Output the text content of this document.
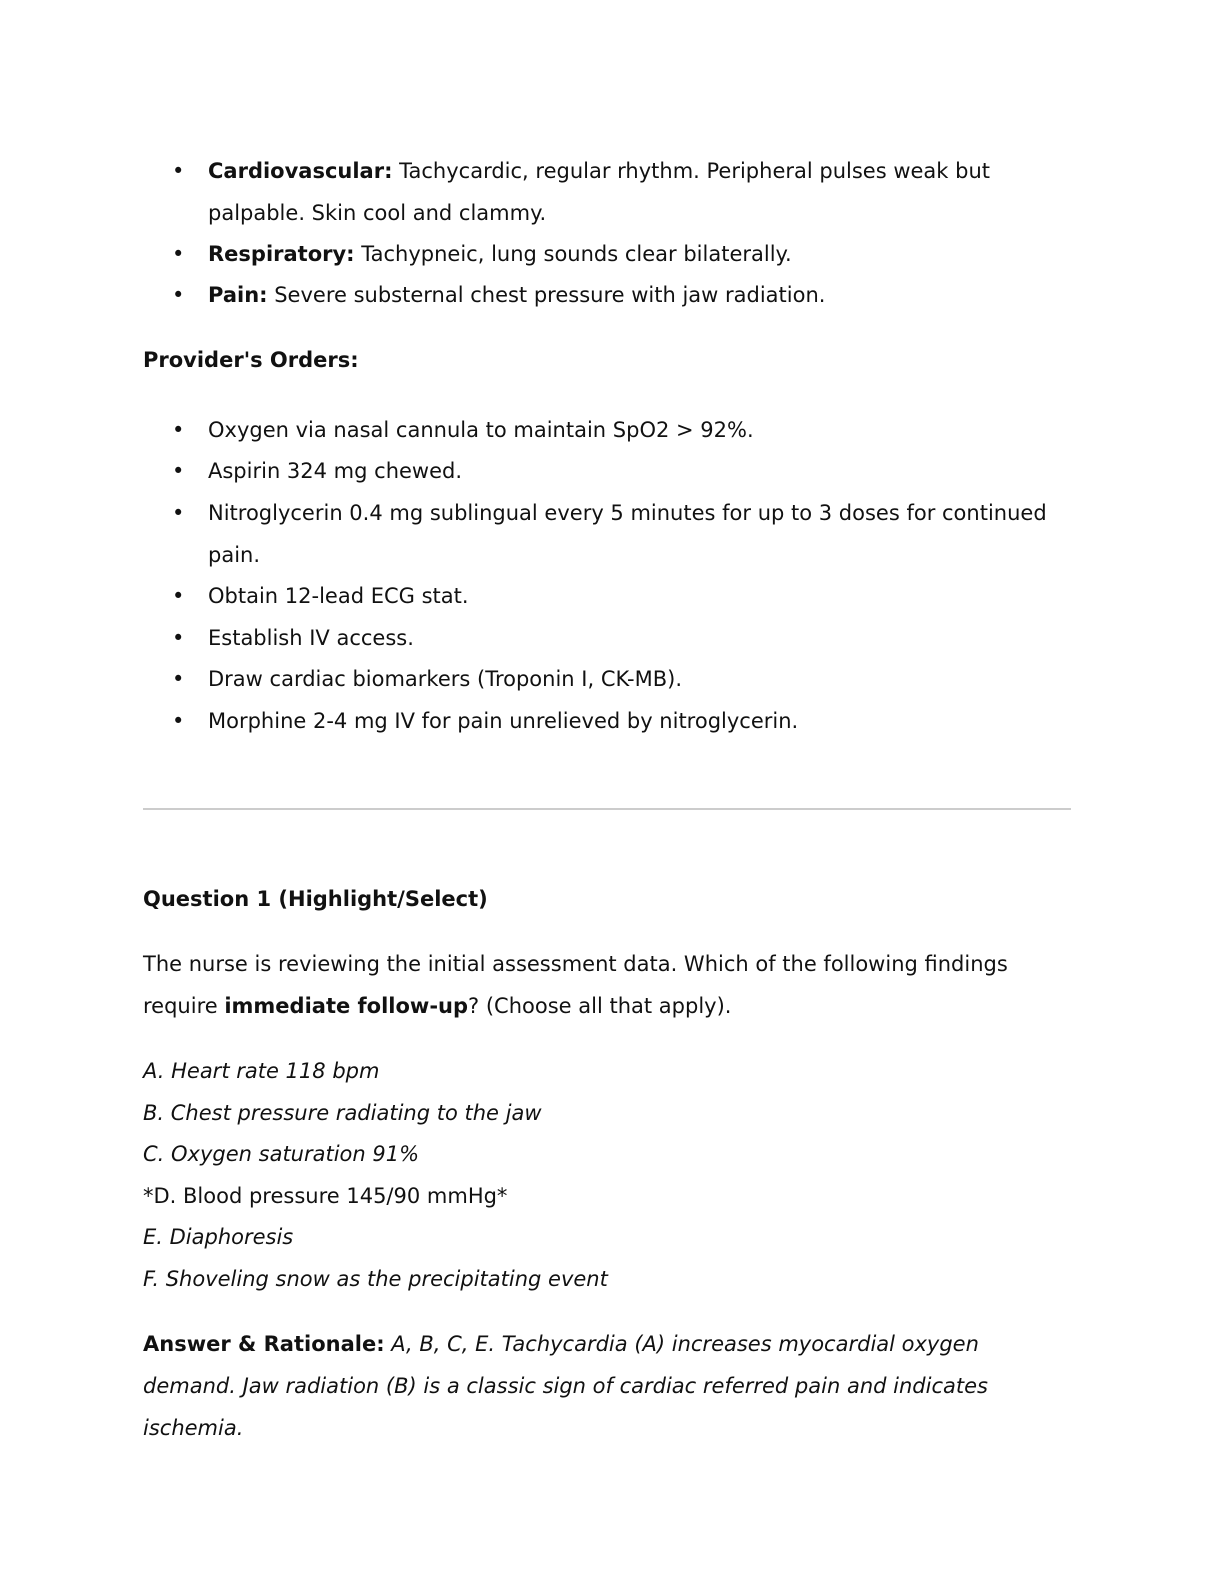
• Cardiovascular: Tachycardic, regular rhythm. Peripheral pulses weak but palpable. Skin cool and clammy.
• Respiratory: Tachypneic, lung sounds clear bilaterally.
• Pain: Severe substernal chest pressure with jaw radiation.
Provider's Orders:
• Oxygen via nasal cannula to maintain SpO2 > 92%.
• Aspirin 324 mg chewed.
• Nitroglycerin 0.4 mg sublingual every 5 minutes for up to 3 doses for continued pain.
• Obtain 12-lead ECG stat.
• Establish IV access.
• Draw cardiac biomarkers (Troponin I, CK-MB).
• Morphine 2-4 mg IV for pain unrelieved by nitroglycerin.
Question 1 (Highlight/Select)
The nurse is reviewing the initial assessment data. Which of the following findings require immediate follow-up? (Choose all that apply).
A. Heart rate 118 bpm
B. Chest pressure radiating to the jaw
C. Oxygen saturation 91%
*D. Blood pressure 145/90 mmHg*
E. Diaphoresis
F. Shoveling snow as the precipitating event
Answer & Rationale: A, B, C, E. Tachycardia (A) increases myocardial oxygen demand. Jaw radiation (B) is a classic sign of cardiac referred pain and indicates ischemia.
